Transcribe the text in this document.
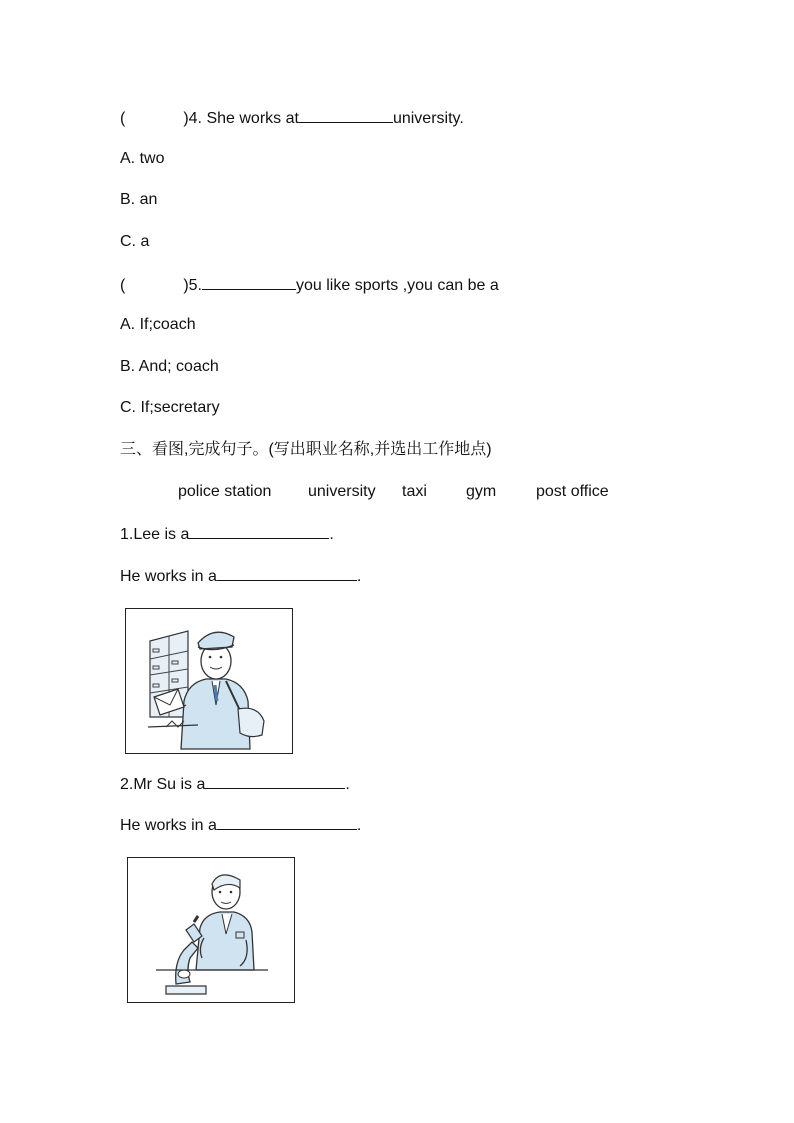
(	)4. She works at	university.
A. two
B. an
C. a
(	)5.	you like sports ,you can be a
A. If;coach
B. And; coach
C. If;secretary
三、看图,完成句子。(写出职业名称,并选出工作地点)
police station university taxi gym post office
1.Lee is a	.
He works in a	.
2.Mr Su is a	.
He works in a	.
